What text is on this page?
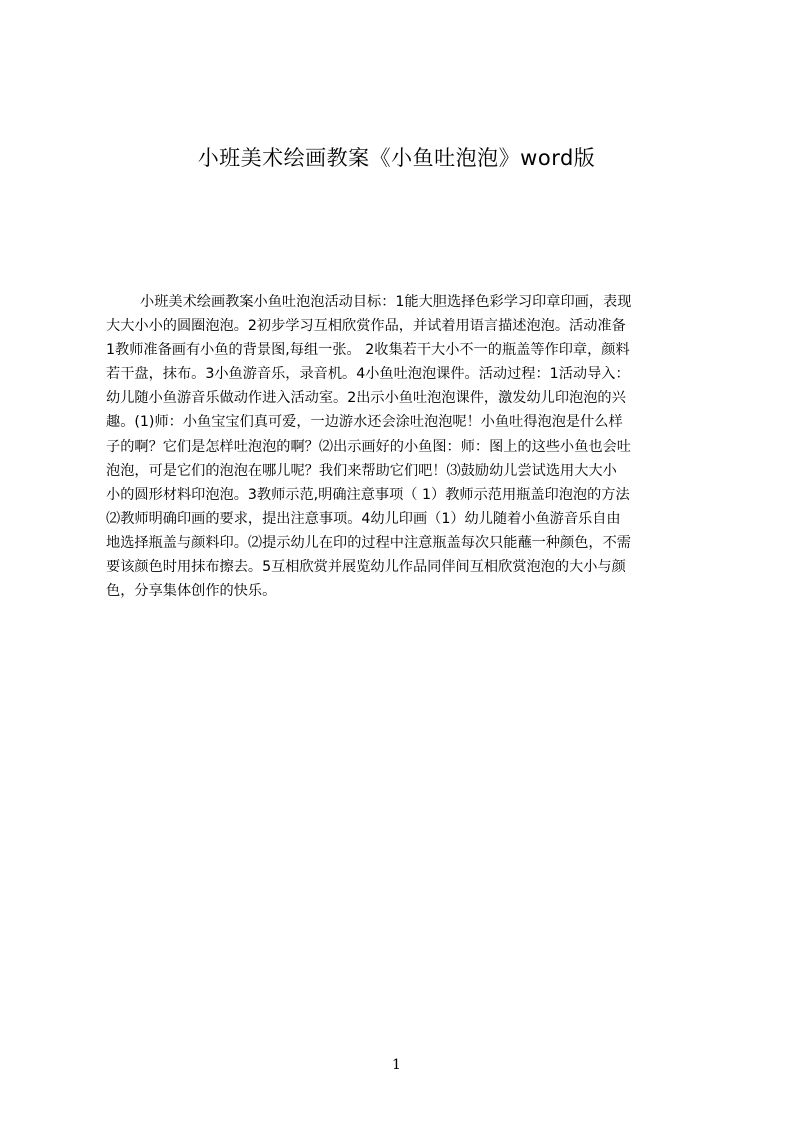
小班美术绘画教案《小鱼吐泡泡》word版
小班美术绘画教案小鱼吐泡泡活动目标：1能大胆选择色彩学习印章印画，表现
大大小小的圆圈泡泡。2初步学习互相欣赏作品，并试着用语言描述泡泡。活动准备
1教师准备画有小鱼的背景图,每组一张。 2收集若干大小不一的瓶盖等作印章，颜料
若干盘，抹布。3小鱼游音乐，录音机。4小鱼吐泡泡课件。活动过程：1活动导入：
幼儿随小鱼游音乐做动作进入活动室。2出示小鱼吐泡泡课件，激发幼儿印泡泡的兴
趣。(1)师：小鱼宝宝们真可爱，一边游水还会涂吐泡泡呢！小鱼吐得泡泡是什么样
子的啊？它们是怎样吐泡泡的啊？⑵出示画好的小鱼图：师：图上的这些小鱼也会吐
泡泡，可是它们的泡泡在哪儿呢？我们来帮助它们吧！⑶鼓励幼儿尝试选用大大小
小的圆形材料印泡泡。3教师示范,明确注意事项（ 1）教师示范用瓶盖印泡泡的方法
⑵教师明确印画的要求，提出注意事项。4幼儿印画（1）幼儿随着小鱼游音乐自由
地选择瓶盖与颜料印。⑵提示幼儿在印的过程中注意瓶盖每次只能蘸一种颜色，不需
要该颜色时用抹布擦去。5互相欣赏并展览幼儿作品同伴间互相欣赏泡泡的大小与颜
色，分享集体创作的快乐。
1
